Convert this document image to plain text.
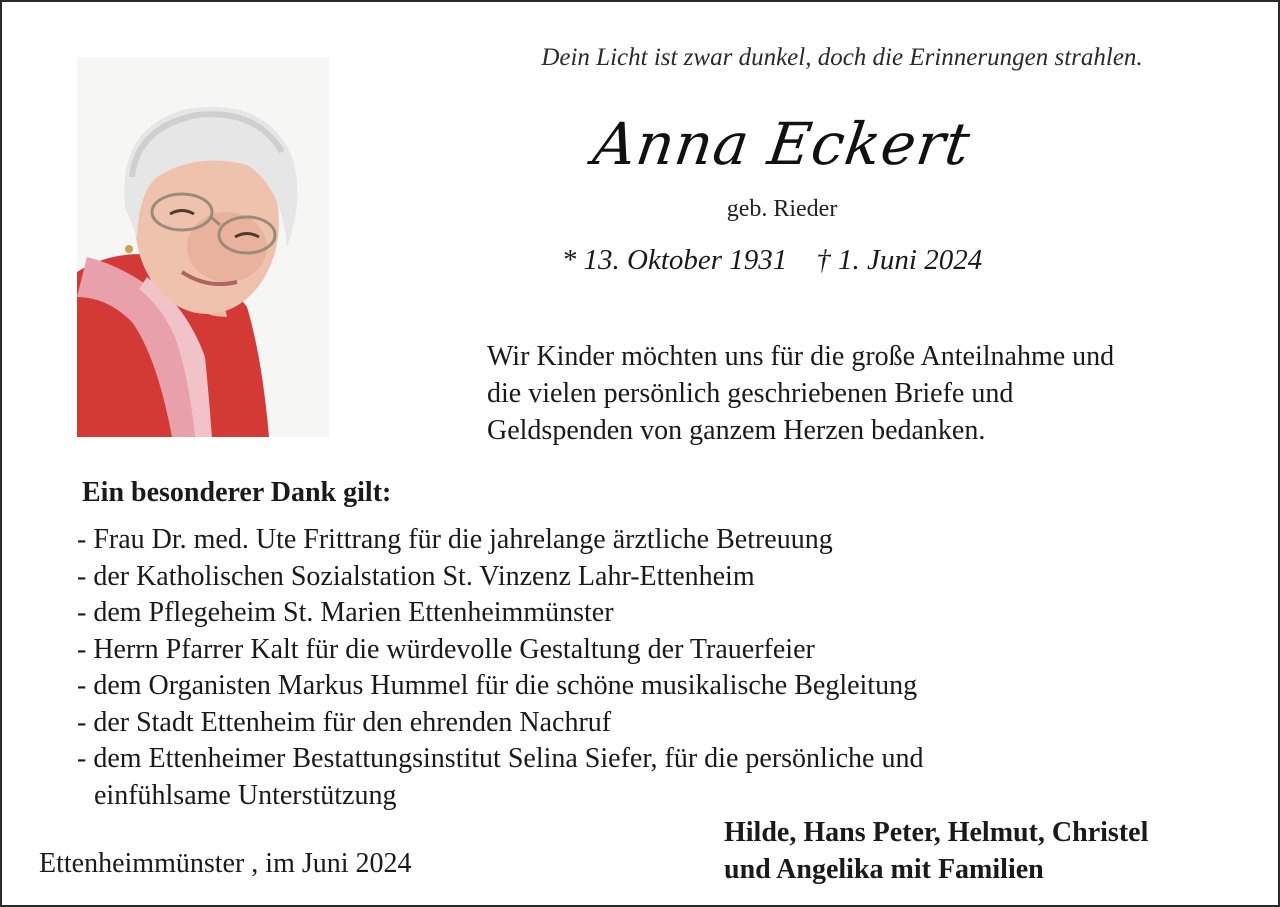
Dein Licht ist zwar dunkel, doch die Erinnerungen strahlen.
Anna Eckert
geb. Rieder
* 13. Oktober 1931    † 1. Juni 2024
Wir Kinder möchten uns für die große Anteilnahme und
die vielen persönlich geschriebenen Briefe und
Geldspenden von ganzem Herzen bedanken.
Ein besonderer Dank gilt:
- Frau Dr. med. Ute Frittrang für die jahrelange ärztliche Betreuung
- der Katholischen Sozialstation St. Vinzenz Lahr-Ettenheim
- dem Pflegeheim St. Marien Ettenheimmünster
- Herrn Pfarrer Kalt für die würdevolle Gestaltung der Trauerfeier
- dem Organisten Markus Hummel für die schöne musikalische Begleitung
- der Stadt Ettenheim für den ehrenden Nachruf
- dem Ettenheimer Bestattungsinstitut Selina Siefer, für die persönliche und
einfühlsame Unterstützung
Ettenheimmünster , im Juni 2024
Hilde, Hans Peter, Helmut, Christel
und Angelika mit Familien
